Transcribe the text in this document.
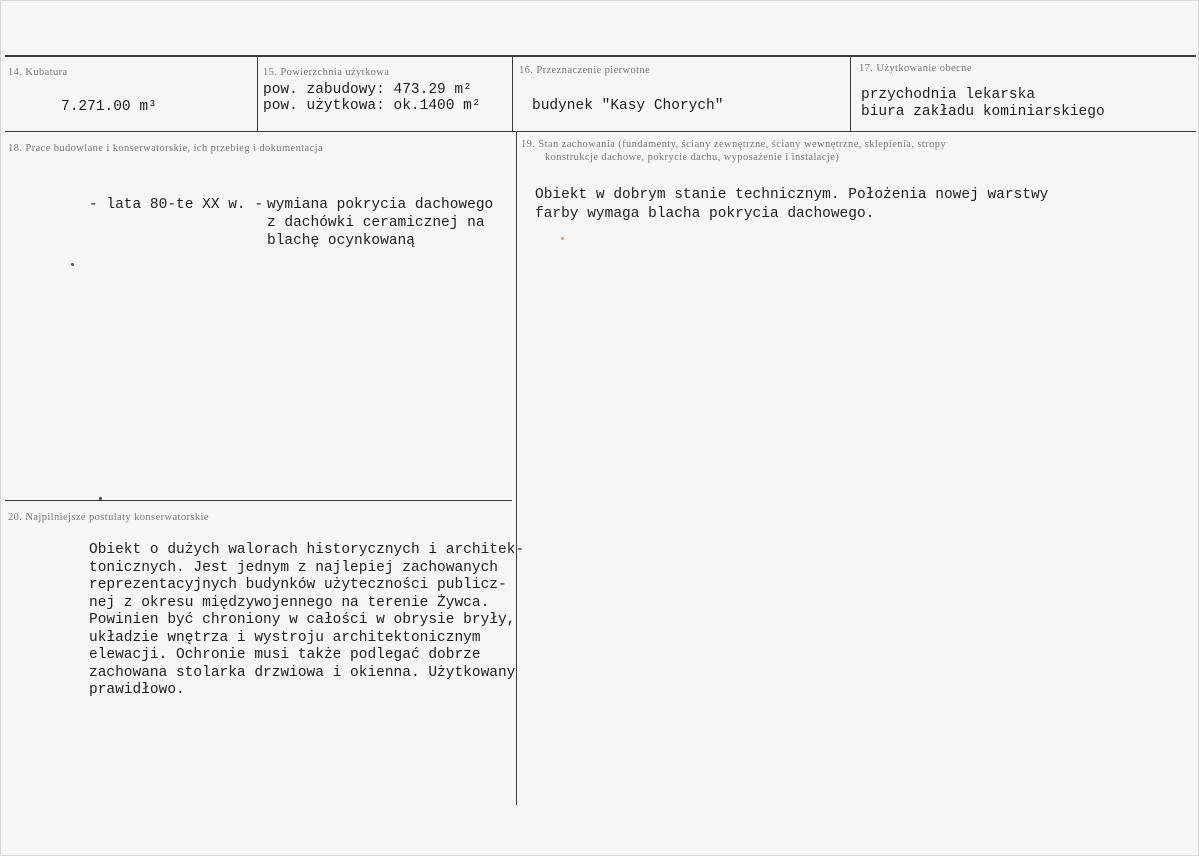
14. Kubatura
7.271.00 m³
15. Powierzchnia użytkowa
pow. zabudowy: 473.29 m²
pow. użytkowa: ok.1400 m²
16. Przeznaczenie pierwotne
budynek "Kasy Chorych"
17. Użytkowanie obecne
przychodnia lekarska
biura zakładu kominiarskiego
18. Prace budowlane i konserwatorskie, ich przebieg i dokumentacja
- lata 80-te XX w. - wymiana pokrycia dachowego
z dachówki ceramicznej na
blachę ocynkowaną
19. Stan zachowania (fundamenty, ściany zewnętrzne, ściany wewnętrzne, sklepienia, stropy
konstrukcje dachowe, pokrycie dachu, wyposażenie i instalacje)
Obiekt w dobrym stanie technicznym. Położenia nowej warstwy
farby wymaga blacha pokrycia dachowego.
20. Najpilniejsze postulaty konserwatorskie
Obiekt o dużych walorach historycznych i architek-
tonicznych. Jest jednym z najlepiej zachowanych
reprezentacyjnych budynków użyteczności publicz-
nej z okresu międzywojennego na terenie Żywca.
Powinien być chroniony w całości w obrysie bryły,
układzie wnętrza i wystroju architektonicznym
elewacji. Ochronie musi także podlegać dobrze
zachowana stolarka drzwiowa i okienna. Użytkowany
prawidłowo.
